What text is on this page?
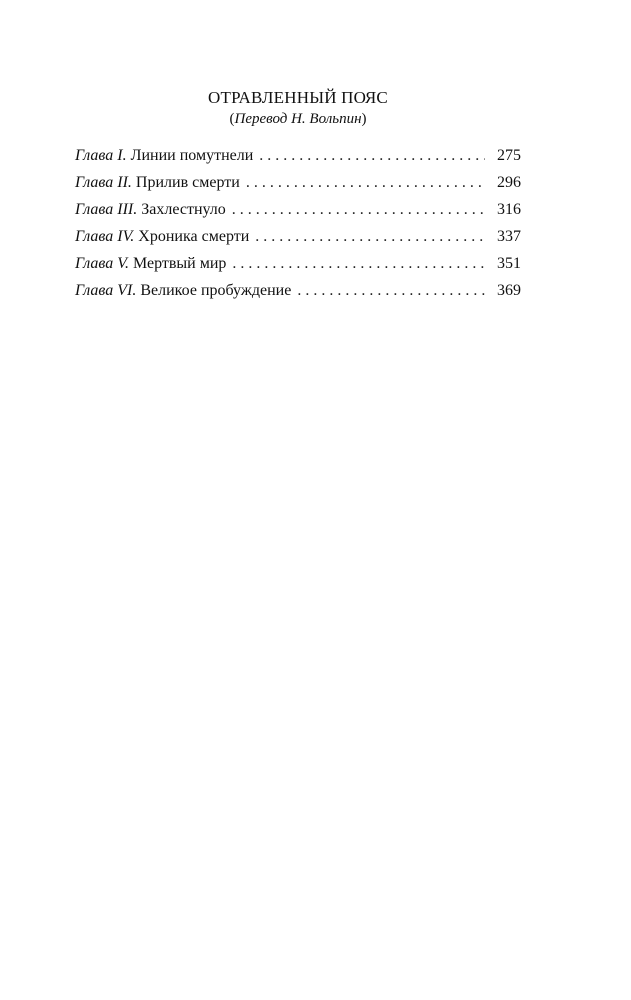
ОТРАВЛЕННЫЙ ПОЯС

(Перевод Н. Вольпин)

Глава I. Линии помутнели . . .	275
Глава II. Прилив смерти . . .	296
Глава III. Захлестнуло . . .	316
Глава IV. Хроника смерти . . .	337
Глава V. Мертвый мир . . .	351
Глава VI. Великое пробуждение . . .	369
